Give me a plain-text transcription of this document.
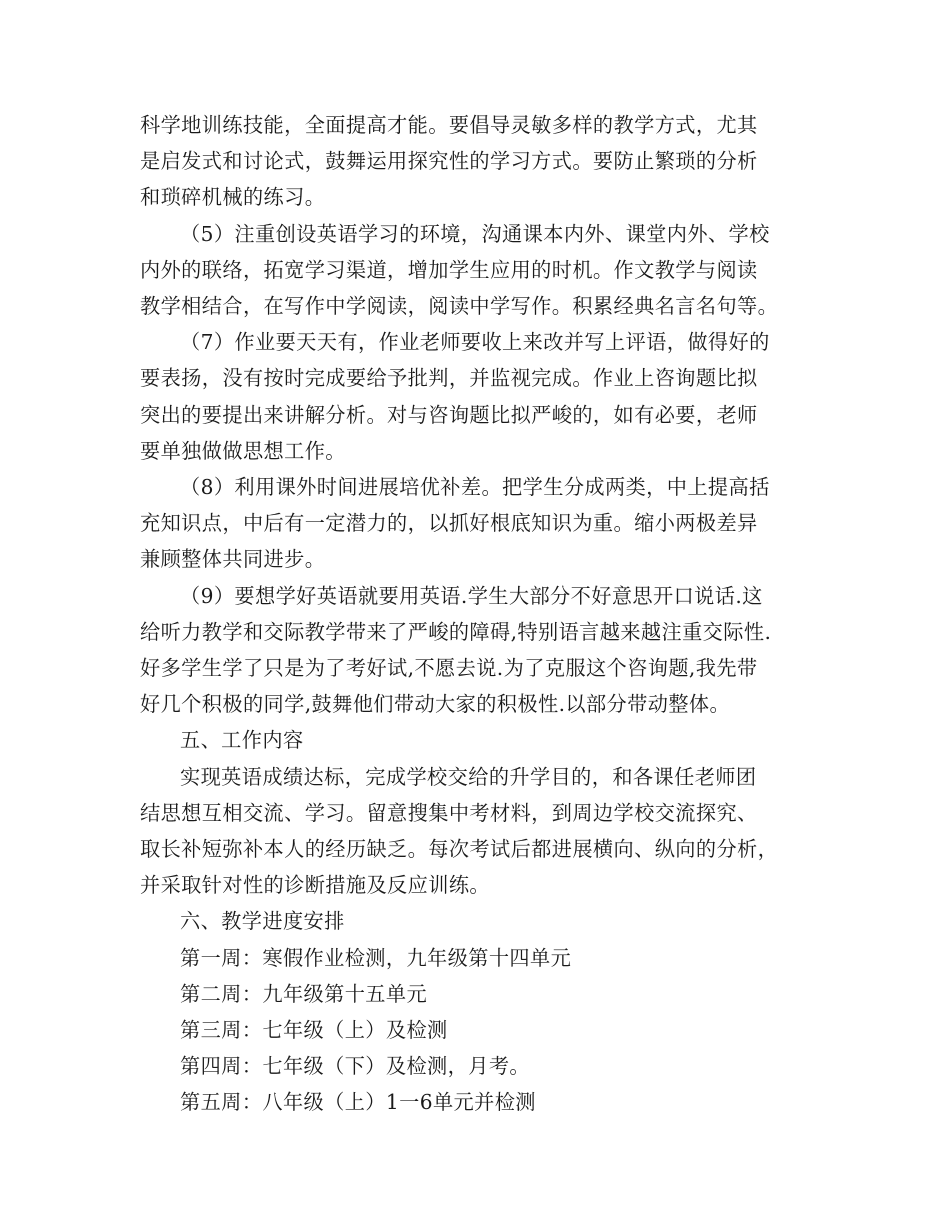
科学地训练技能，全面提高才能。要倡导灵敏多样的教学方式，尤其
是启发式和讨论式，鼓舞运用探究性的学习方式。要防止繁琐的分析
和琐碎机械的练习。

（5）注重创设英语学习的环境，沟通课本内外、课堂内外、学校
内外的联络，拓宽学习渠道，增加学生应用的时机。作文教学与阅读
教学相结合，在写作中学阅读，阅读中学写作。积累经典名言名句等。

（7）作业要天天有，作业老师要收上来改并写上评语，做得好的
要表扬，没有按时完成要给予批判，并监视完成。作业上咨询题比拟
突出的要提出来讲解分析。对与咨询题比拟严峻的，如有必要，老师
要单独做做思想工作。

（8）利用课外时间进展培优补差。把学生分成两类，中上提高括
充知识点，中后有一定潜力的，以抓好根底知识为重。缩小两极差异
兼顾整体共同进步。

（9）要想学好英语就要用英语.学生大部分不好意思开口说话.这
给听力教学和交际教学带来了严峻的障碍,特别语言越来越注重交际性.
好多学生学了只是为了考好试,不愿去说.为了克服这个咨询题,我先带
好几个积极的同学,鼓舞他们带动大家的积极性.以部分带动整体。

五、工作内容

实现英语成绩达标，完成学校交给的升学目的，和各课任老师团
结思想互相交流、学习。留意搜集中考材料，到周边学校交流探究、
取长补短弥补本人的经历缺乏。每次考试后都进展横向、纵向的分析，
并采取针对性的诊断措施及反应训练。

六、教学进度安排

第一周：寒假作业检测，九年级第十四单元
第二周：九年级第十五单元
第三周：七年级（上）及检测
第四周：七年级（下）及检测，月考。
第五周：八年级（上）1一6单元并检测
